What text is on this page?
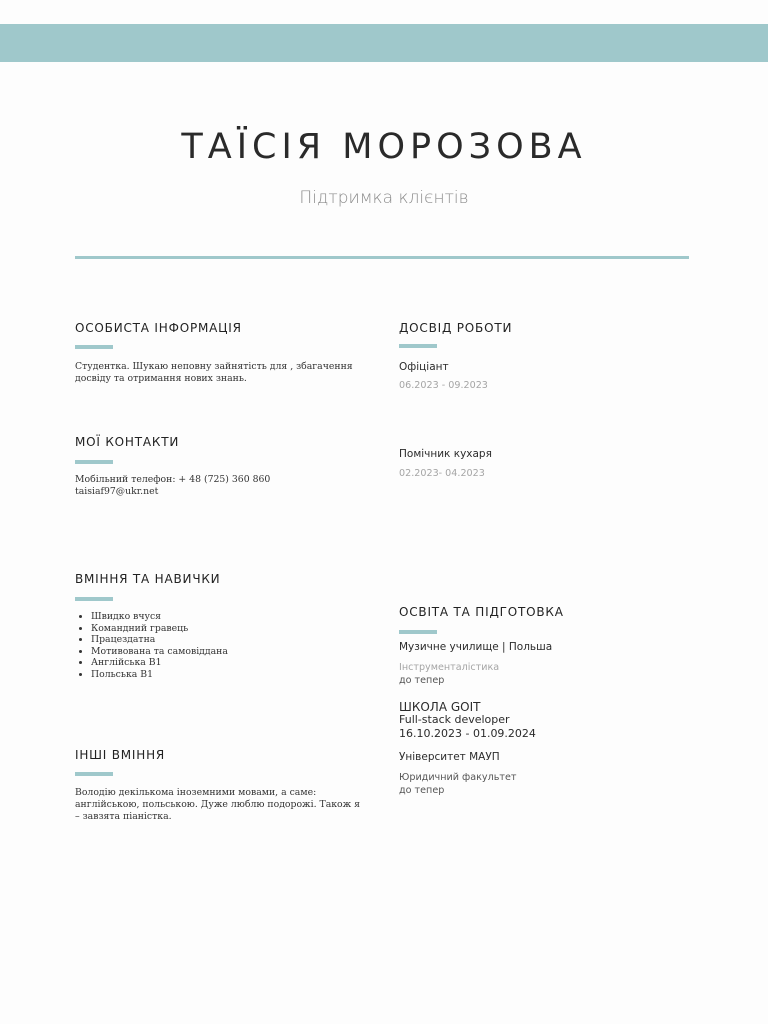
ТАЇСІЯ МОРОЗОВА
Підтримка клієнтів
ОСОБИСТА ІНФОРМАЦІЯ
Студентка. Шукаю неповну зайнятість для , збагачення досвіду та отримання нових знань.
МОЇ КОНТАКТИ
Мобільний телефон: + 48 (725) 360 860
taisiaf97@ukr.net
ВМІННЯ ТА НАВИЧКИ
• Швидко вчуся
• Командний гравець
• Працездатна
• Мотивована та самовіддана
• Англійська B1
• Польська B1
ІНШІ ВМІННЯ
Володію декількома іноземними мовами, а саме: англійською, польською. Дуже люблю подорожі. Також я – завзята піаністка.
ДОСВІД РОБОТИ
Офіціант
06.2023 - 09.2023
Помічник кухаря
02.2023- 04.2023
ОСВІТА ТА ПІДГОТОВКА
Музичне училище | Польша
Інструменталістика
до тепер
ШКОЛА GOIT
Full-stack developer
16.10.2023 - 01.09.2024
Університет МАУП
Юридичний факультет
до тепер
